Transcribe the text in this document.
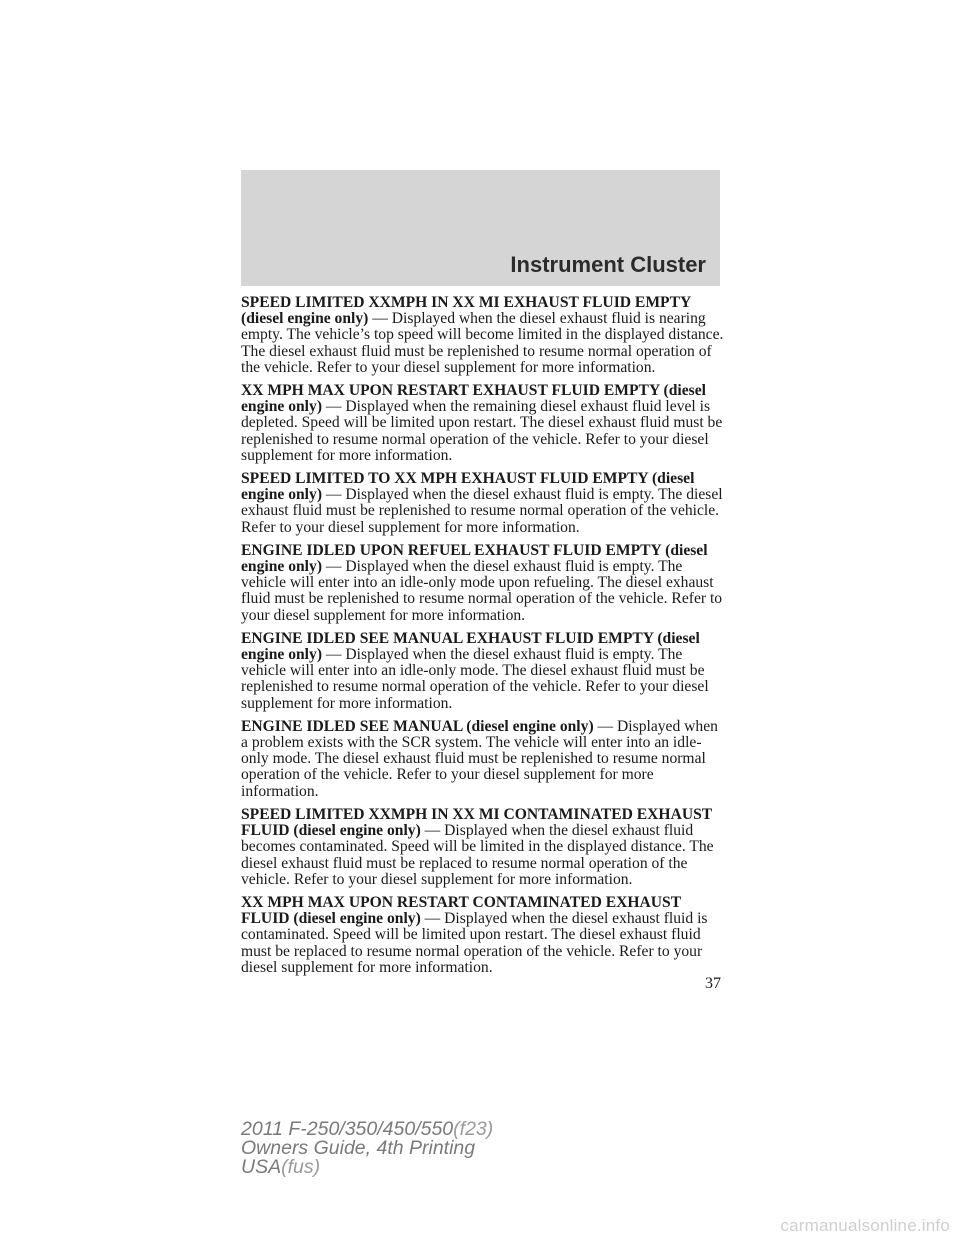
Instrument Cluster

SPEED LIMITED XXMPH IN XX MI EXHAUST FLUID EMPTY (diesel engine only) — Displayed when the diesel exhaust fluid is nearing empty. The vehicle’s top speed will become limited in the displayed distance. The diesel exhaust fluid must be replenished to resume normal operation of the vehicle. Refer to your diesel supplement for more information.

XX MPH MAX UPON RESTART EXHAUST FLUID EMPTY (diesel engine only) — Displayed when the remaining diesel exhaust fluid level is depleted. Speed will be limited upon restart. The diesel exhaust fluid must be replenished to resume normal operation of the vehicle. Refer to your diesel supplement for more information.

SPEED LIMITED TO XX MPH EXHAUST FLUID EMPTY (diesel engine only) — Displayed when the diesel exhaust fluid is empty. The diesel exhaust fluid must be replenished to resume normal operation of the vehicle. Refer to your diesel supplement for more information.

ENGINE IDLED UPON REFUEL EXHAUST FLUID EMPTY (diesel engine only) — Displayed when the diesel exhaust fluid is empty. The vehicle will enter into an idle-only mode upon refueling. The diesel exhaust fluid must be replenished to resume normal operation of the vehicle. Refer to your diesel supplement for more information.

ENGINE IDLED SEE MANUAL EXHAUST FLUID EMPTY (diesel engine only) — Displayed when the diesel exhaust fluid is empty. The vehicle will enter into an idle-only mode. The diesel exhaust fluid must be replenished to resume normal operation of the vehicle. Refer to your diesel supplement for more information.

ENGINE IDLED SEE MANUAL (diesel engine only) — Displayed when a problem exists with the SCR system. The vehicle will enter into an idle-only mode. The diesel exhaust fluid must be replenished to resume normal operation of the vehicle. Refer to your diesel supplement for more information.

SPEED LIMITED XXMPH IN XX MI CONTAMINATED EXHAUST FLUID (diesel engine only) — Displayed when the diesel exhaust fluid becomes contaminated. Speed will be limited in the displayed distance. The diesel exhaust fluid must be replaced to resume normal operation of the vehicle. Refer to your diesel supplement for more information.

XX MPH MAX UPON RESTART CONTAMINATED EXHAUST FLUID (diesel engine only) — Displayed when the diesel exhaust fluid is contaminated. Speed will be limited upon restart. The diesel exhaust fluid must be replaced to resume normal operation of the vehicle. Refer to your diesel supplement for more information.

37
2011 F-250/350/450/550(f23)
Owners Guide, 4th Printing
USA(fus)
carmanualsonline.info
